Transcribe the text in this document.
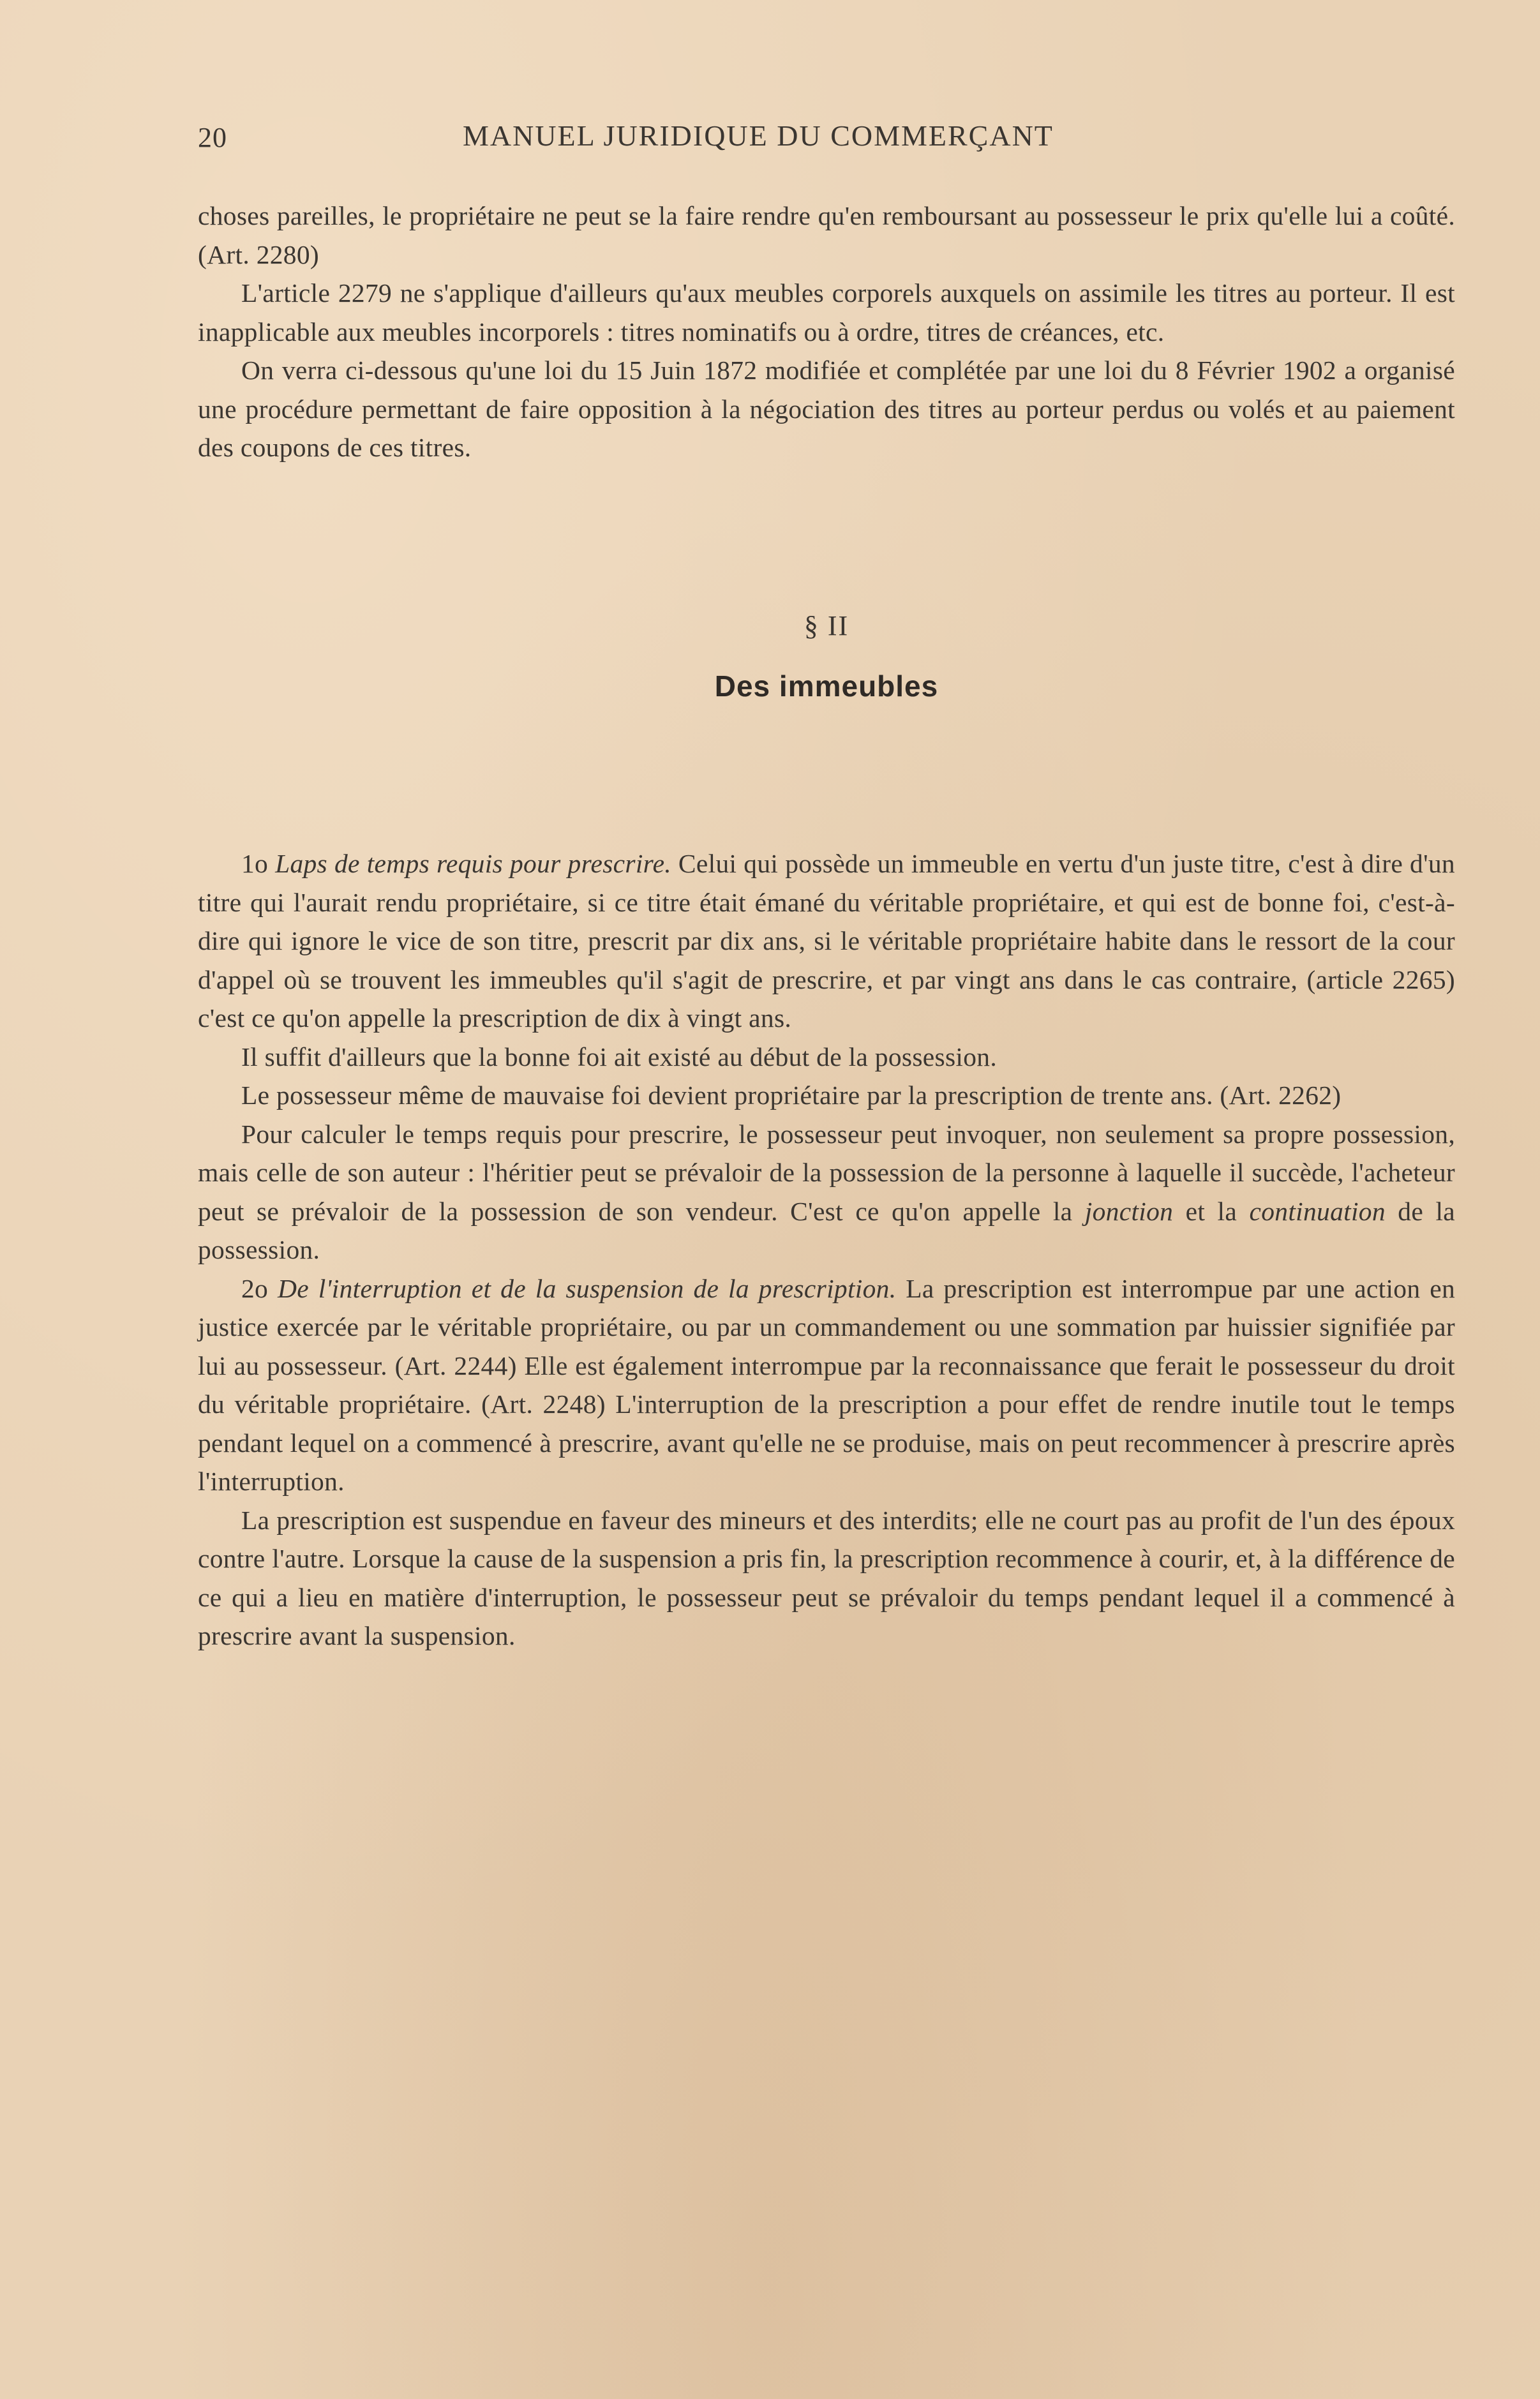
20	MANUEL JURIDIQUE DU COMMERÇANT

choses pareilles, le propriétaire ne peut se la faire rendre qu'en remboursant au possesseur le prix qu'elle lui a coûté. (Art. 2280)

L'article 2279 ne s'applique d'ailleurs qu'aux meubles corporels auxquels on assimile les titres au porteur. Il est inapplicable aux meubles incorporels : titres nominatifs ou à ordre, titres de créances, etc.

On verra ci-dessous qu'une loi du 15 Juin 1872 modifiée et complétée par une loi du 8 Février 1902 a organisé une procédure permettant de faire opposition à la négociation des titres au porteur perdus ou volés et au paiement des coupons de ces titres.

§ II
Des immeubles

1o Laps de temps requis pour prescrire. Celui qui possède un immeuble en vertu d'un juste titre, c'est à dire d'un titre qui l'aurait rendu propriétaire, si ce titre était émané du véritable propriétaire, et qui est de bonne foi, c'est-à-dire qui ignore le vice de son titre, prescrit par dix ans, si le véritable propriétaire habite dans le ressort de la cour d'appel où se trouvent les immeubles qu'il s'agit de prescrire, et par vingt ans dans le cas contraire, (article 2265) c'est ce qu'on appelle la prescription de dix à vingt ans.

Il suffit d'ailleurs que la bonne foi ait existé au début de la possession.

Le possesseur même de mauvaise foi devient propriétaire par la prescription de trente ans. (Art. 2262)

Pour calculer le temps requis pour prescrire, le possesseur peut invoquer, non seulement sa propre possession, mais celle de son auteur : l'héritier peut se prévaloir de la possession de la personne à laquelle il succède, l'acheteur peut se prévaloir de la possession de son vendeur. C'est ce qu'on appelle la jonction et la continuation de la possession.

2o De l'interruption et de la suspension de la prescription. La prescription est interrompue par une action en justice exercée par le véritable propriétaire, ou par un commandement ou une sommation par huissier signifiée par lui au possesseur. (Art. 2244) Elle est également interrompue par la reconnaissance que ferait le possesseur du droit du véritable propriétaire. (Art. 2248) L'interruption de la prescription a pour effet de rendre inutile tout le temps pendant lequel on a commencé à prescrire, avant qu'elle ne se produise, mais on peut recommencer à prescrire après l'interruption.

La prescription est suspendue en faveur des mineurs et des interdits; elle ne court pas au profit de l'un des époux contre l'autre. Lorsque la cause de la suspension a pris fin, la prescription recommence à courir, et, à la différence de ce qui a lieu en matière d'interruption, le possesseur peut se prévaloir du temps pendant lequel il a commencé à prescrire avant la suspension.
